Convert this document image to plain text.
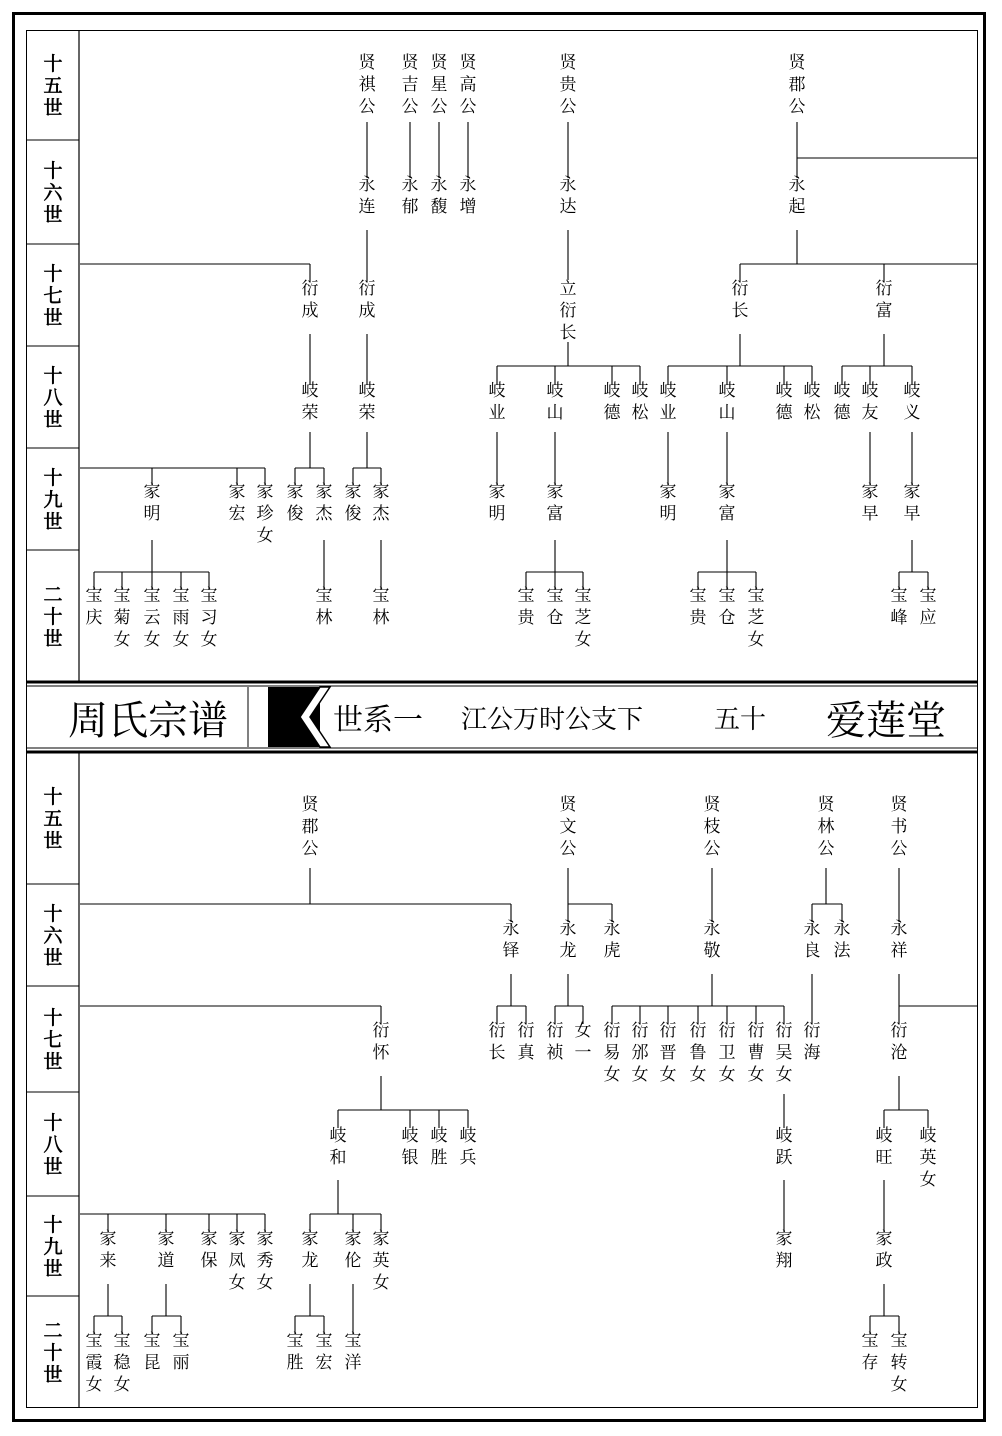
十
五
世
十
六
世
十
七
世
十
八
世
十
九
世
二
十
世
十
五
世
十
六
世
十
七
世
十
八
世
十
九
世
二
十
世
贤
祺
公
贤
吉
公
贤
星
公
贤
高
公
贤
贵
公
贤
郡
公
永
连
永
郁
永
馥
永
增
永
达
永
起
衍
成
衍
成
立
衍
长
衍
长
衍
富
岐
荣
岐
荣
岐
业
岐
山
岐
德
岐
松
岐
业
岐
山
岐
德
岐
松
岐
德
岐
友
岐
义
家
明
家
宏
家
珍
女
家
俊
家
杰
家
俊
家
杰
家
明
家
富
家
明
家
富
家
早
家
早
宝
庆
宝
菊
女
宝
云
女
宝
雨
女
宝
习
女
宝
林
宝
林
宝
贵
宝
仓
宝
芝
女
宝
贵
宝
仓
宝
芝
女
宝
峰
宝
应
贤
郡
公
贤
文
公
贤
枝
公
贤
林
公
贤
书
公
永
铎
永
龙
永
虎
永
敬
永
良
永
法
永
祥
衍
怀
衍
长
衍
真
衍
祯
女
一
衍
易
女
衍
邠
女
衍
晋
女
衍
鲁
女
衍
卫
女
衍
曹
女
衍
吴
女
衍
海
衍
沧
岐
和
岐
银
岐
胜
岐
兵
岐
跃
岐
旺
岐
英
女
家
来
家
道
家
保
家
凤
女
家
秀
女
家
龙
家
伦
家
英
女
家
翔
家
政
宝
霞
女
宝
稳
女
宝
昆
宝
丽
宝
胜
宝
宏
宝
洋
宝
存
宝
转
女
周氏宗谱	世系一 江公万时公支下	五十 爱莲堂
